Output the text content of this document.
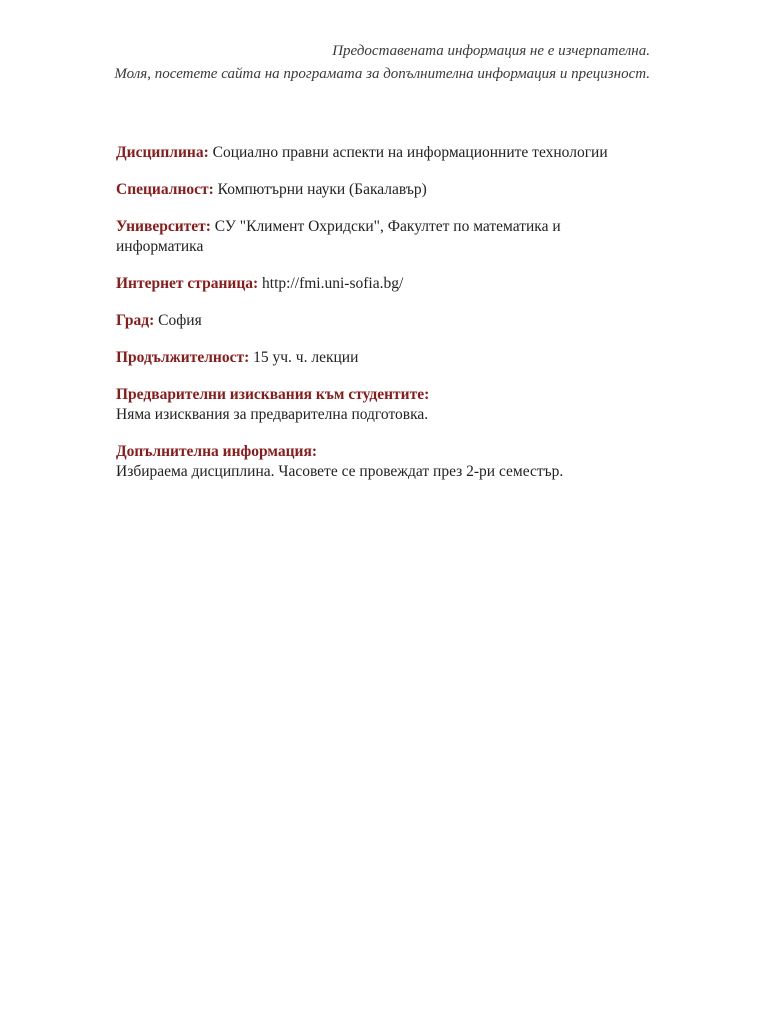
Предоставената информация не е изчерпателна.
Моля, посетете сайта на програмата за допълнителна информация и прецизност.

Дисциплина: Социално правни аспекти на информационните технологии

Специалност: Компютърни науки (Бакалавър)

Университет: СУ "Климент Охридски", Факултет по математика и информатика

Интернет страница: http://fmi.uni-sofia.bg/

Град: София

Продължителност: 15 уч. ч. лекции

Предварителни изисквания към студентите:
Няма изисквания за предварителна подготовка.

Допълнителна информация:
Избираема дисциплина. Часовете се провеждат през 2-ри семестър.
